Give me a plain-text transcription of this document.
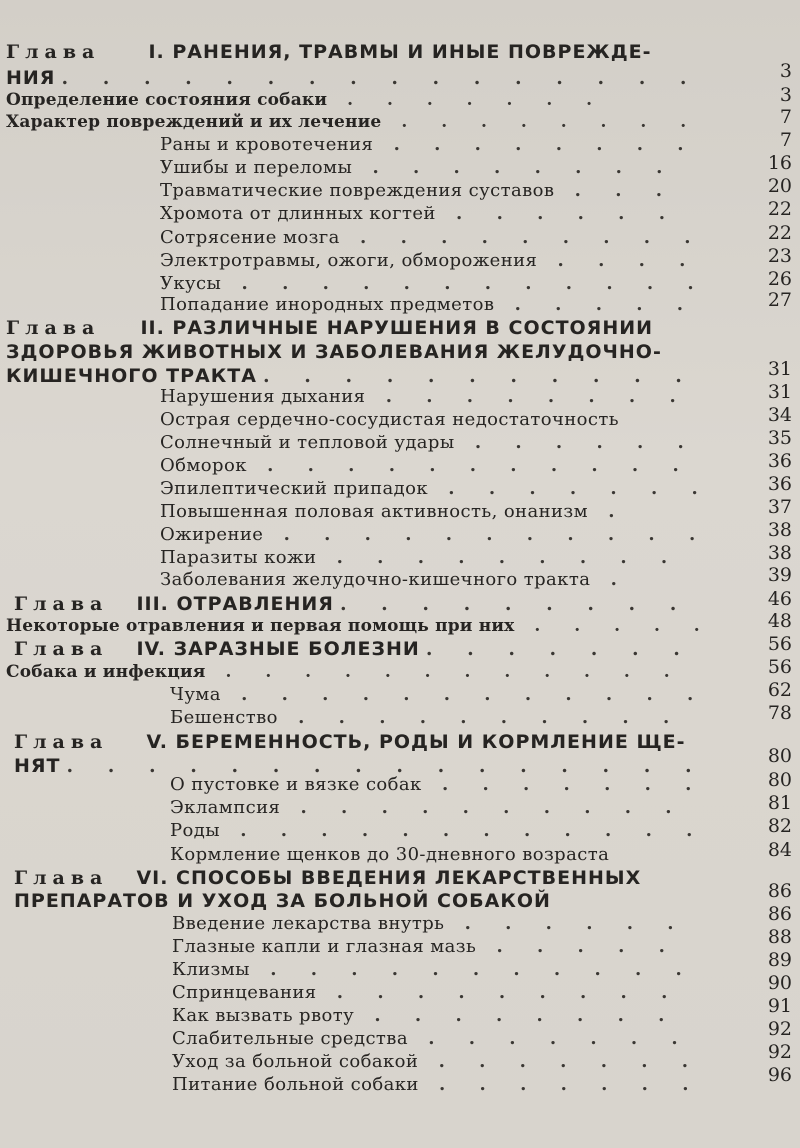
Глава	I. РАНЕНИЯ, ТРАВМЫ И ИНЫЕ ПОВРЕЖДЕ-
НИЯ . . . . . . . . . . . . . . . .	3
Определение состояния собаки . . . . . . .	3
Характер повреждений и их лечение . . . . . . . .	7
Раны и кровотечения . . . . . . . .	7
Ушибы и переломы . . . . . . . .	16
Травматические повреждения суставов . . .	20
Хромота от длинных когтей . . . . . .	22
Сотрясение мозга . . . . . . . . .	22
Электротравмы, ожоги, обморожения . . . .	23
Укусы . . . . . . . . . . . .	26
Попадание инородных предметов . . . . .	27
Глава II. РАЗЛИЧНЫЕ НАРУШЕНИЯ В СОСТОЯНИИ
ЗДОРОВЬЯ ЖИВОТНЫХ И ЗАБОЛЕВАНИЯ ЖЕЛУДОЧНО-
КИШЕЧНОГО ТРАКТА . . . . . . . . . . .	31
Нарушения дыхания . . . . . . . .	31
Острая сердечно-сосудистая недостаточность	34
Солнечный и тепловой удары . . . . . .	35
Обморок . . . . . . . . . . .	36
Эпилептический припадок . . . . . . .	36
Повышенная половая активность, онанизм .	37
Ожирение . . . . . . . . . . .	38
Паразиты кожи . . . . . . . . .	38
Заболевания желудочно-кишечного тракта .	39
Глава III. ОТРАВЛЕНИЯ . . . . . . . . .	46
Некоторые отравления и первая помощь при них . . . . .	48
Глава IV. ЗАРАЗНЫЕ БОЛЕЗНИ . . . . . . .	56
Собака и инфекция . . . . . . . . . . . .	56
Чума . . . . . . . . . . . .	62
Бешенство . . . . . . . . . .	78
Глава V. БЕРЕМЕННОСТЬ, РОДЫ И КОРМЛЕНИЕ ЩЕ-
НЯТ . . . . . . . . . . . . . . . .	80
О пустовке и вязке собак . . . . . . .	80
Эклампсия . . . . . . . . . .	81
Роды . . . . . . . . . . . .	82
Кормление щенков до 30-дневного возраста	84
Глава VI. СПОСОБЫ ВВЕДЕНИЯ ЛЕКАРСТВЕННЫХ
ПРЕПАРАТОВ И УХОД ЗА БОЛЬНОЙ СОБАКОЙ	86
Введение лекарства внутрь . . . . . .	86
Глазные капли и глазная мазь . . . . .	88
Клизмы . . . . . . . . . . .	89
Спринцевания . . . . . . . . .	90
Как вызвать рвоту . . . . . . . .	91
Слабительные средства . . . . . . .	92
Уход за больной собакой . . . . . . .	92
Питание больной собаки . . . . . . .	96
